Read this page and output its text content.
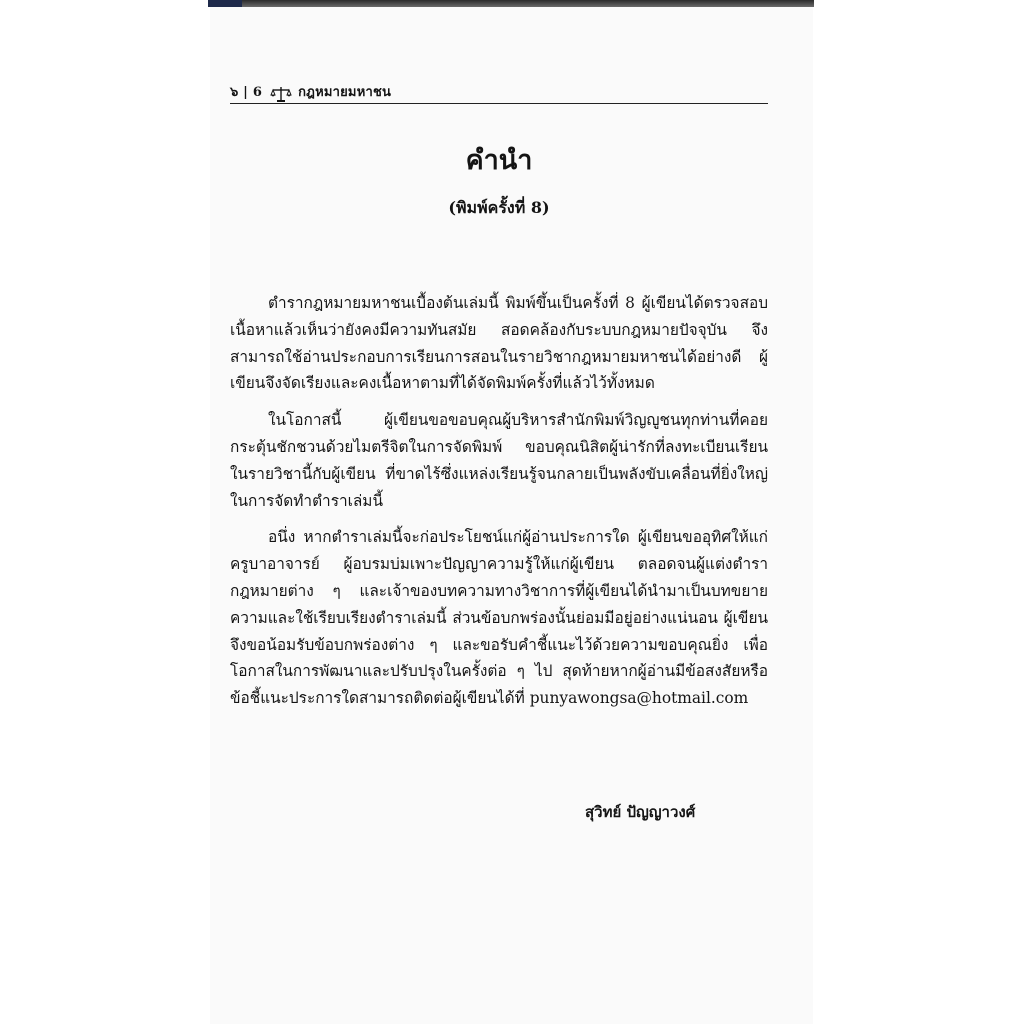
๖ | 6	กฎหมายมหาชน
คำนำ
(พิมพ์ครั้งที่ 8)

ตำรากฎหมายมหาชนเบื้องต้นเล่มนี้ พิมพ์ขึ้นเป็นครั้งที่ 8 ผู้เขียนได้ตรวจสอบเนื้อหาแล้วเห็นว่ายังคงมีความทันสมัย สอดคล้องกับระบบกฎหมายปัจจุบัน จึงสามารถใช้อ่านประกอบการเรียนการสอนในรายวิชากฎหมายมหาชนได้อย่างดี ผู้เขียนจึงจัดเรียงและคงเนื้อหาตามที่ได้จัดพิมพ์ครั้งที่แล้วไว้ทั้งหมด

ในโอกาสนี้ ผู้เขียนขอขอบคุณผู้บริหารสำนักพิมพ์วิญญูชนทุกท่านที่คอยกระตุ้นชักชวนด้วยไมตรีจิตในการจัดพิมพ์ ขอบคุณนิสิตผู้น่ารักที่ลงทะเบียนเรียนในรายวิชานี้กับผู้เขียน ที่ขาดไร้ซึ่งแหล่งเรียนรู้จนกลายเป็นพลังขับเคลื่อนที่ยิ่งใหญ่ในการจัดทำตำราเล่มนี้

อนึ่ง หากตำราเล่มนี้จะก่อประโยชน์แก่ผู้อ่านประการใด ผู้เขียนขออุทิศให้แก่ครูบาอาจารย์ ผู้อบรมบ่มเพาะปัญญาความรู้ให้แก่ผู้เขียน ตลอดจนผู้แต่งตำรากฎหมายต่าง ๆ และเจ้าของบทความทางวิชาการที่ผู้เขียนได้นำมาเป็นบทขยายความและใช้เรียบเรียงตำราเล่มนี้ ส่วนข้อบกพร่องนั้นย่อมมีอยู่อย่างแน่นอน ผู้เขียนจึงขอน้อมรับข้อบกพร่องต่าง ๆ และขอรับคำชี้แนะไว้ด้วยความขอบคุณยิ่ง เพื่อโอกาสในการพัฒนาและปรับปรุงในครั้งต่อ ๆ ไป สุดท้ายหากผู้อ่านมีข้อสงสัยหรือข้อชี้แนะประการใดสามารถติดต่อผู้เขียนได้ที่ punyawongsa@hotmail.com

สุวิทย์ ปัญญาวงศ์
